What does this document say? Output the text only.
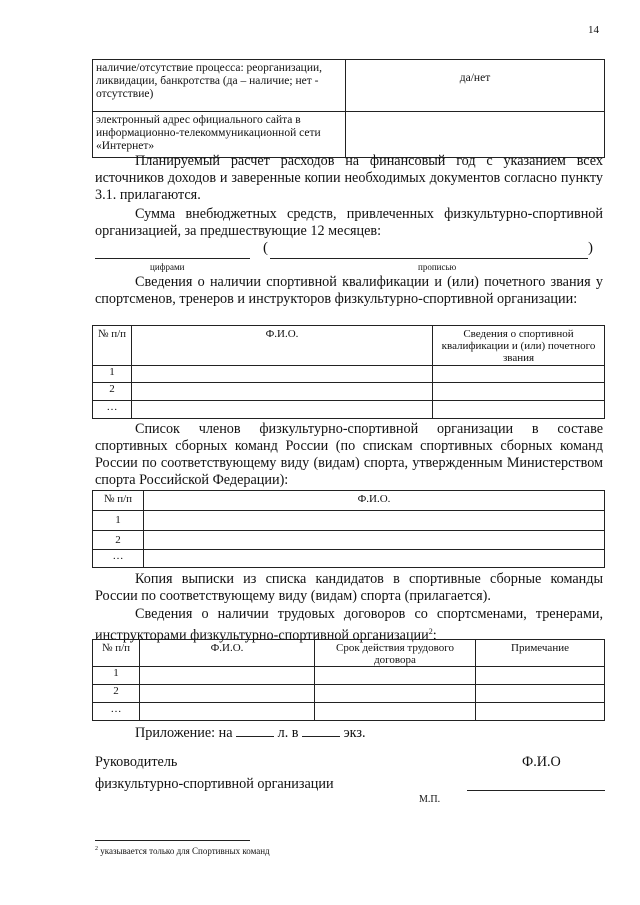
14
наличие/отсутствие процесса: реорганизации, ликвидации, банкротства (да – наличие; нет - отсутствие)	да/нет
электронный адрес официального сайта в информационно-телекоммуникационной сети «Интернет»	
Планируемый расчет расходов на финансовый год с указанием всех источников доходов и заверенные копии необходимых документов согласно пункту 3.1. прилагаются.
Сумма внебюджетных средств, привлеченных физкультурно-спортивной организацией, за предшествующие 12 месяцев:
(	)
цифрами	прописью
Сведения о наличии спортивной квалификации и (или) почетного звания у спортсменов, тренеров и инструкторов физкультурно-спортивной организации:
№ п/п	Ф.И.О.	Сведения о спортивной квалификации и (или) почетного звания
1		
2		
…		
Список членов физкультурно-спортивной организации в составе спортивных сборных команд России (по спискам спортивных сборных команд России по соответствующему виду (видам) спорта, утвержденным Министерством спорта Российской Федерации):
№ п/п	Ф.И.О.
1	
2	
…	
Копия выписки из списка кандидатов в спортивные сборные команды России по соответствующему виду (видам) спорта (прилагается).
Сведения о наличии трудовых договоров со спортсменами, тренерами, инструкторами физкультурно-спортивной организации$^2$:
№ п/п	Ф.И.О.	Срок действия трудового договора	Примечание
1			
2			
…			
Приложение: на	л. в	экз.
Руководитель
физкультурно-спортивной организации
Ф.И.О
М.П.
$^2$ указывается только для Спортивных команд
